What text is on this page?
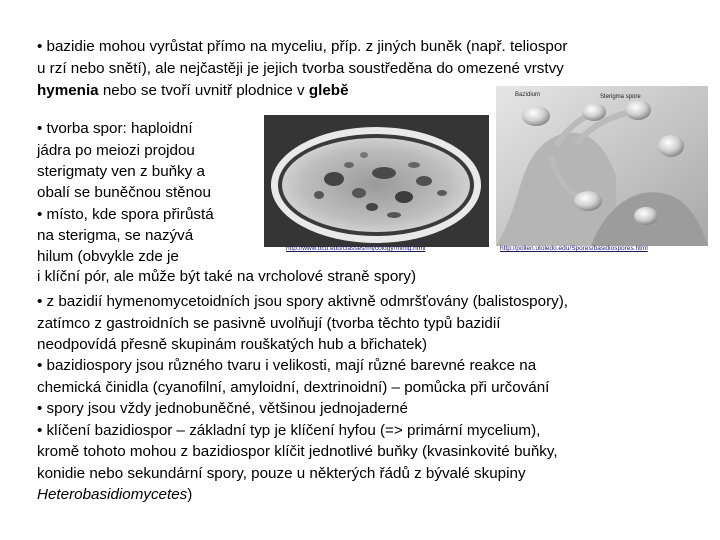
• bazidie mohou vyrůstat přímo na myceliu, příp. z jiných buněk (např. teliospor
u rzí nebo snětí), ale nejčastěji je jejich tvorba soustředěna do omezené vrstvy
hymenia nebo se tvoří uvnitř plodnice v glebě
• tvorba spor: haploidní
jádra po meiozi projdou
sterigmaty ven z buňky a
obalí se buněčnou stěnou
• místo, kde spora přirůstá
na sterigma, se nazývá
hilum (obvykle zde je
i klíční pór, ale může být také na vrcholové straně spory)
• z bazidií hymenomycetoidních jsou spory aktivně odmršťovány (balistospory),
zatímco z gastroidních se pasivně uvolňují (tvorba těchto typů bazidií
neodpovídá přesně skupinám rouškatých hub a břichatek)
• bazidiospory jsou různého tvaru i velikosti, mají různé barevné reakce na
chemická činidla (cyanofilní, amyloidní, dextrinoidní) – pomůcka při určování
• spory jsou vždy jednobuněčné, většinou jednojaderné
• klíčení bazidiospor – základní typ je klíčení hyfou (=> primární mycelium),
kromě tohoto mohou z bazidiospor klíčit jednotlivé buňky (kvasinkovité buňky,
konidie nebo sekundární spory, pouze u některých řádů z bývalé skupiny
Heterobasidiomycetes)
http://www.bcu.edu/classes/mycology/mimg.html
Bazídium	Sterigma spore
http://pollen.utoledo.edu/Spores/basidiospores.html
